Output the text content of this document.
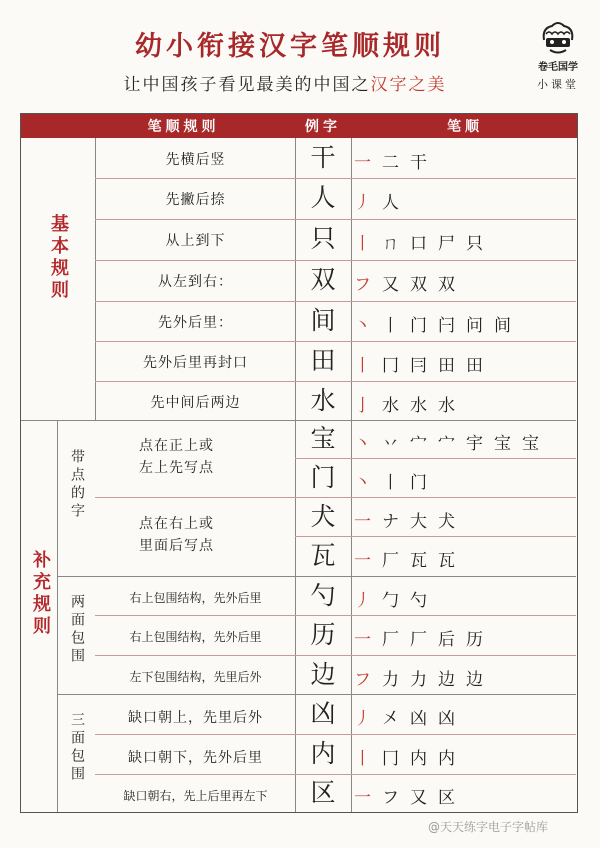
幼小衔接汉字笔顺规则
让中国孩子看见最美的中国之汉字之美
卷毛国学
小课堂
笔顺规则	例字	笔顺
基本规则
补充规则
带点的字
两面包围
三面包围
先横后竖
先撇后捺
从上到下
从左到右：
先外后里：
先外后里再封口
先中间后两边
点在正上或
左上先写点
点在右上或
里面后写点
右上包围结构，先外后里
右上包围结构，先外后里
左下包围结构，先里后外
缺口朝上，先里后外
缺口朝下，先外后里
缺口朝右，先上后里再左下
干
人
只
双
间
田
水
宝
门
犬
瓦
勺
历
边
凶
内
区
一 二 干
丿 人
丨 ㄇ 口 尸 只
フ 又 双 双
丶 丨 门 闩 问 间
丨 冂 冃 田 田
亅 水 水 水
丶 丷 宀 宀 宇 宝 宝
丶 丨 门
一 ナ 大 犬
一 厂 瓦 瓦
丿 勹 勺
一 厂 厂 后 历
フ 力 力 边 边
丿 㐅 凶 凶
丨 冂 内 内
一 フ 又 区
@天天练字电子字帖库
